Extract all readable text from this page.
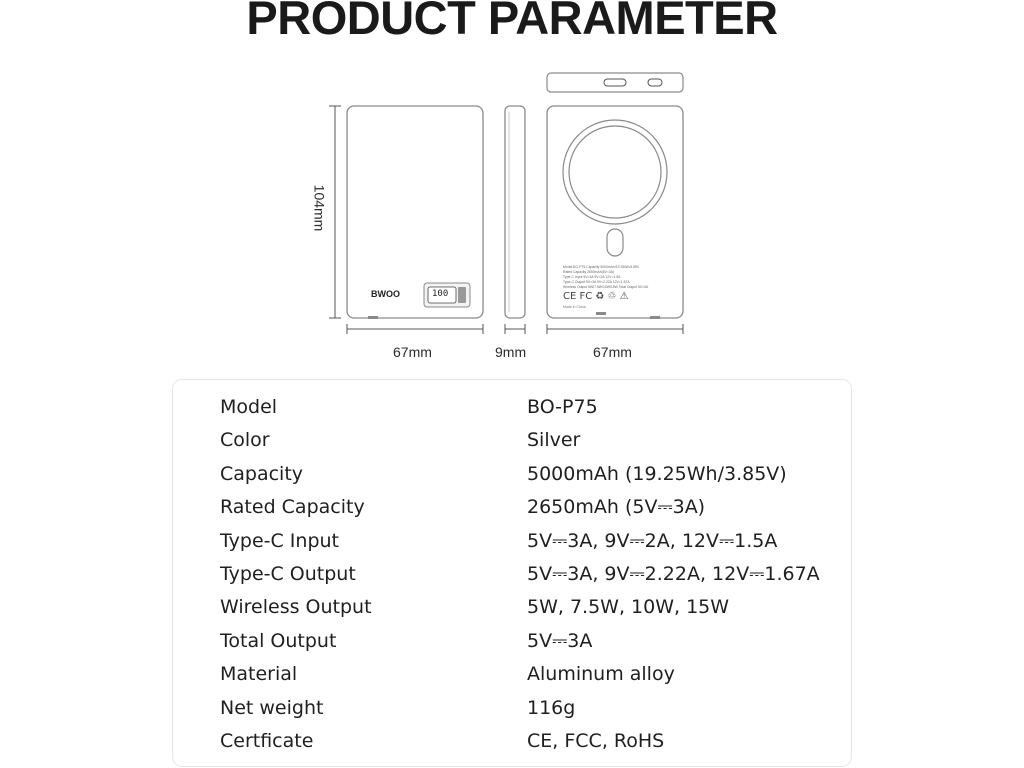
PRODUCT PARAMETER
BWOO	100
Model BO-P75 Capacity 5000mAh/19.25Wh/3.85V
Rated Capacity 2650mAh(5V=3A)
Type-C Input 5V=3A 9V=2A 12V=1.5A
Type-C Output 5V=3A 9V=2.22A 12V=1.67A
Wireless Output 5W/7.5W/10W/15W Total Output 5V=3A
CE FC ♻ ♲ ⚠
Made in China
104mm
67mm	9mm	67mm
Model	BO-P75
Color	Silver
Capacity	5000mAh (19.25Wh/3.85V)
Rated Capacity	2650mAh (5V⎓3A)
Type-C Input	5V⎓3A, 9V⎓2A, 12V⎓1.5A
Type-C Output	5V⎓3A, 9V⎓2.22A, 12V⎓1.67A
Wireless Output	5W, 7.5W, 10W, 15W
Total Output	5V⎓3A
Material	Aluminum alloy
Net weight	116g
Certficate	CE, FCC, RoHS
